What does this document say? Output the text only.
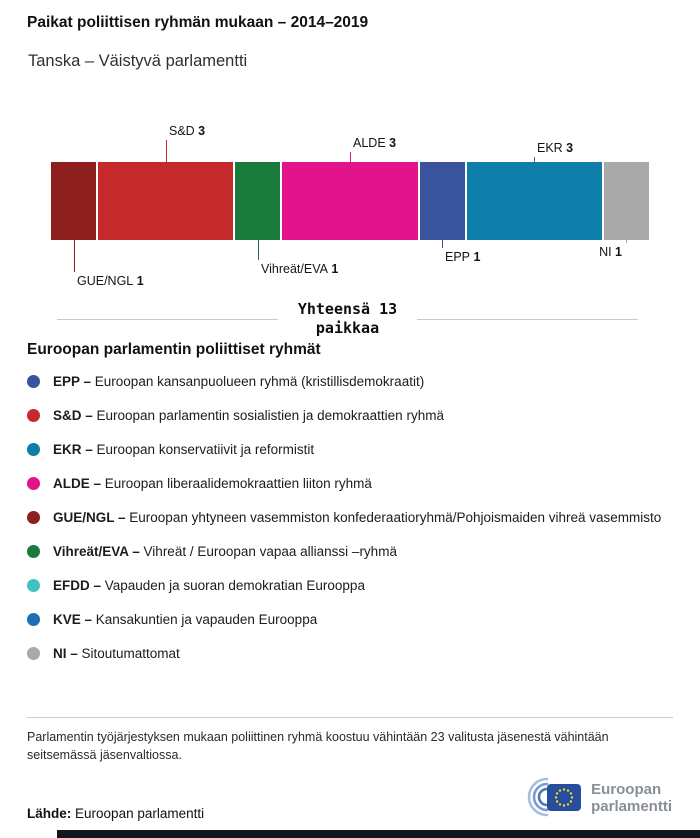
Paikat poliittisen ryhmän mukaan – 2014–2019
Tanska – Väistyvä parlamentti
GUE/NGL 1
S&D 3
Vihreät/EVA 1
ALDE 3
EPP 1
EKR 3
NI 1
Yhteensä 13
paikkaa
Euroopan parlamentin poliittiset ryhmät
EPP – Euroopan kansanpuolueen ryhmä (kristillisdemokraatit)
S&D – Euroopan parlamentin sosialistien ja demokraattien ryhmä
EKR – Euroopan konservatiivit ja reformistit
ALDE – Euroopan liberaalidemokraattien liiton ryhmä
GUE/NGL – Euroopan yhtyneen vasemmiston konfederaatioryhmä/Pohjoismaiden vihreä vasemmisto
Vihreät/EVA – Vihreät / Euroopan vapaa allianssi –ryhmä
EFDD – Vapauden ja suoran demokratian Eurooppa
KVE – Kansakuntien ja vapauden Eurooppa
NI – Sitoutumattomat

Parlamentin työjärjestyksen mukaan poliittinen ryhmä koostuu vähintään 23 valitusta jäsenestä vähintään seitsemässä jäsenvaltiossa.

Lähde: Euroopan parlamentti
Euroopan
parlamentti
